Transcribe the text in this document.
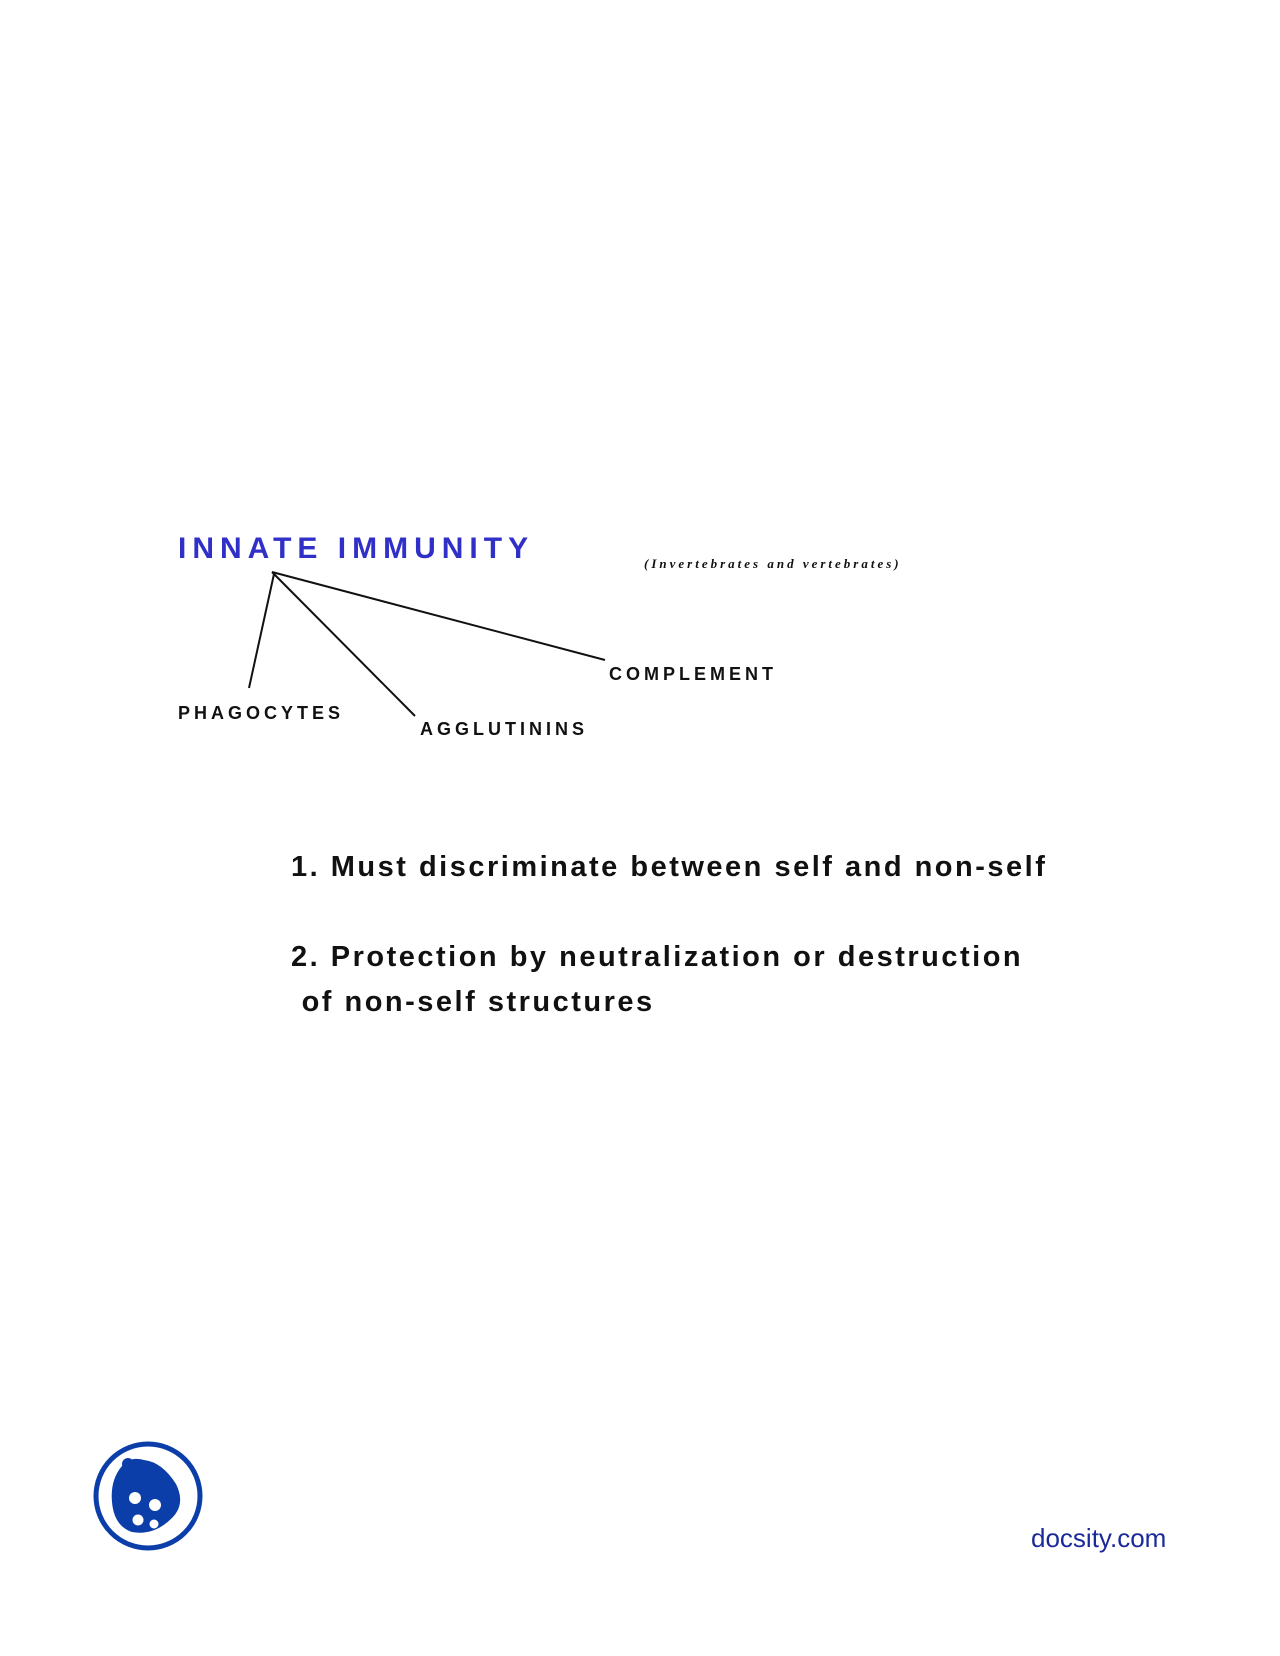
INNATE IMMUNITY	(Invertebrates and vertebrates)
COMPLEMENT
PHAGOCYTES
AGGLUTININS
1. Must discriminate between self and non-self
2. Protection by neutralization or destruction
of non-self structures
docsity.com
